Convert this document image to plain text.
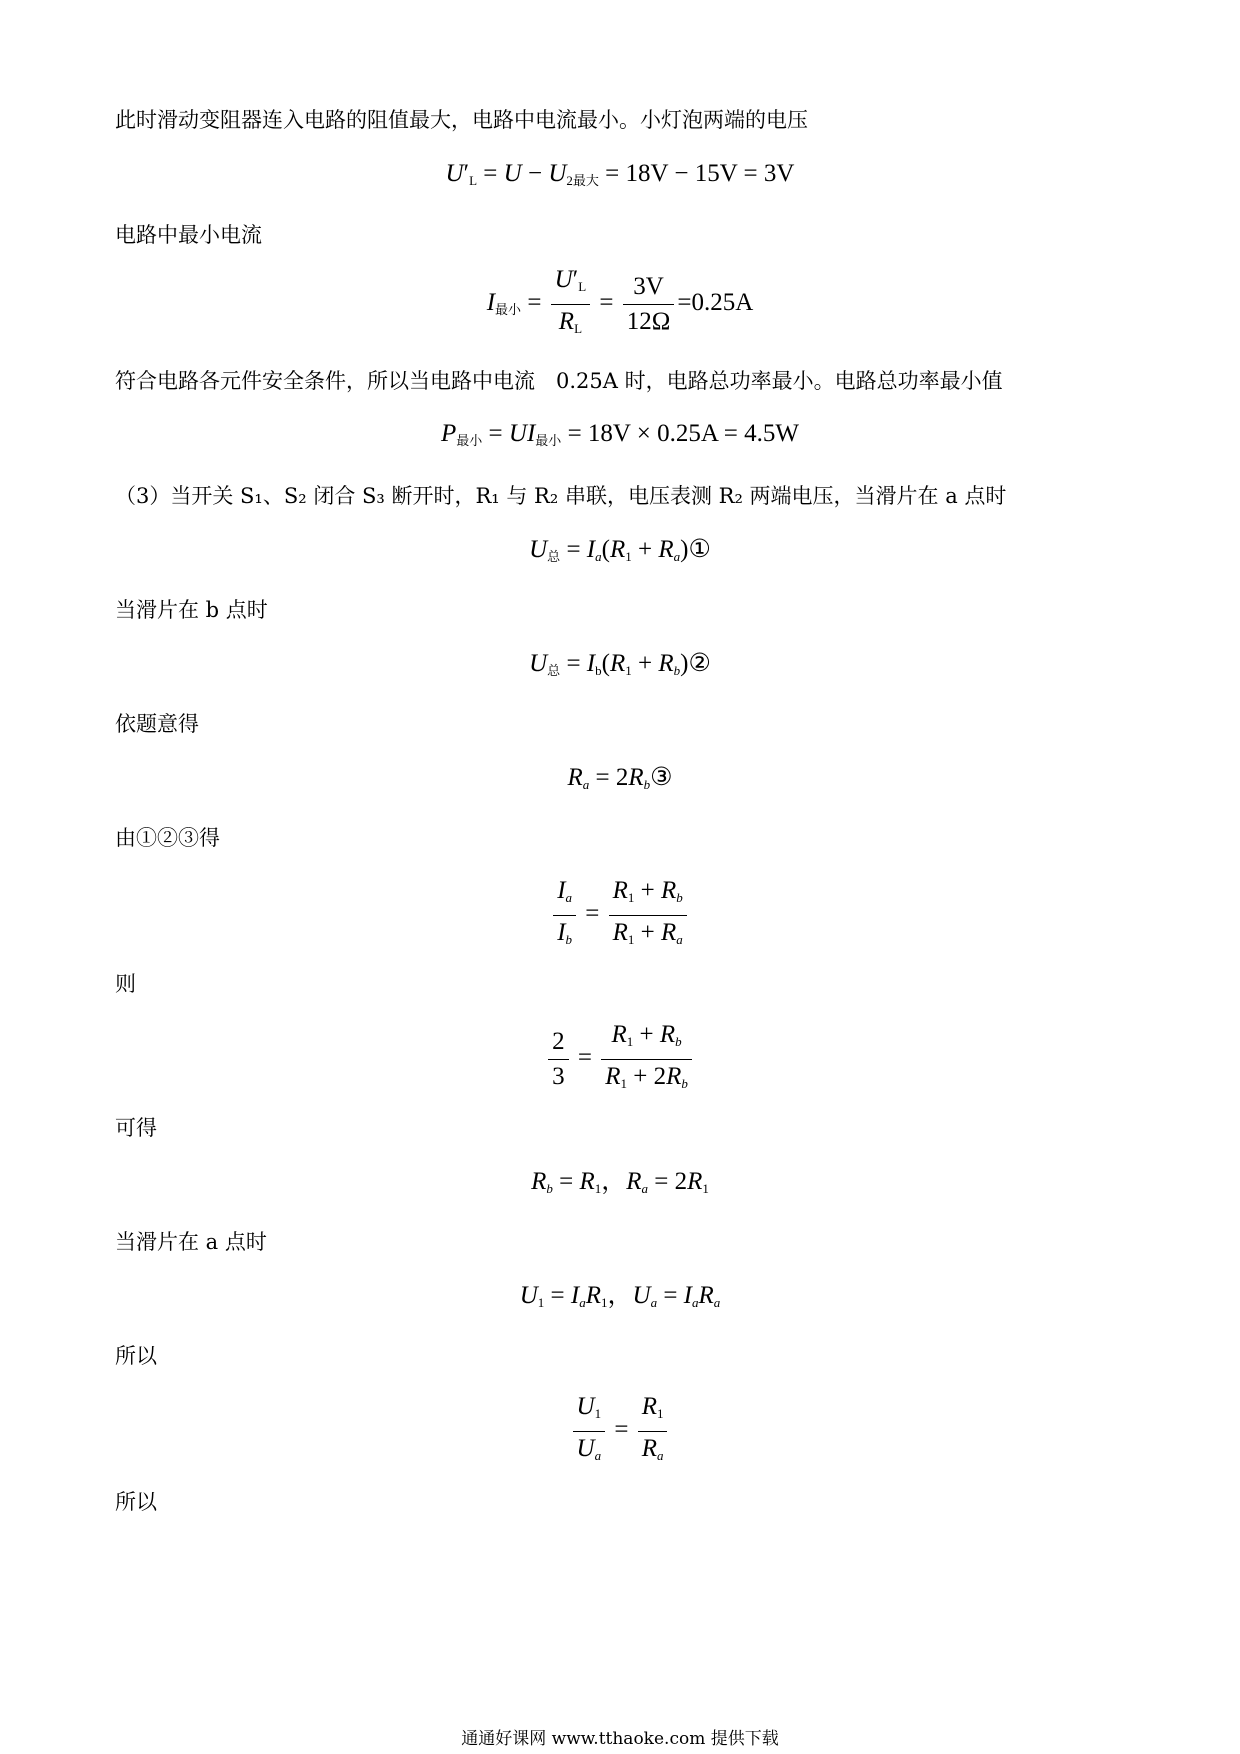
此时滑动变阻器连入电路的阻值最大，电路中电流最小。小灯泡两端的电压
$U'_L = U - U_{2最大} = 18V - 15V = 3V$
电路中最小电流
$I_{最小} = \frac{U'_L}{R_L} = \frac{3V}{12\Omega} =0.25A$
符合电路各元件安全条件，所以当电路中电流　0.25A 时，电路总功率最小。电路总功率最小值
$P_{最小} = UI_{最小} = 18V \times 0.25A = 4.5W$
（3）当开关 S₁、S₂ 闭合 S₃ 断开时，R₁ 与 R₂ 串联，电压表测 R₂ 两端电压，当滑片在 a 点时
$U_总 = I_a(R_1$ + $R_a)①$
当滑片在 b 点时
$U_总 = I_b(R_1$ + $R_b)②$
依题意得
$R_a$ = $2R_b③$
由①②③得
$\frac{I_a}{I_b} = \frac{R_1 + R_b}{R_1 + R_a}$
则
$\frac{2}{3} = \frac{R_1 + R_b}{R_1 + 2R_b}$
可得
$R_b = R_1$，$R_a = 2R_1$
当滑片在 a 点时
$U_1 = I_aR_1$，$U_a = I_aR_a$
所以
$\frac{U_1}{U_a} = \frac{R_1}{R_a}$
所以
通通好课网 www.tthaoke.com 提供下载
